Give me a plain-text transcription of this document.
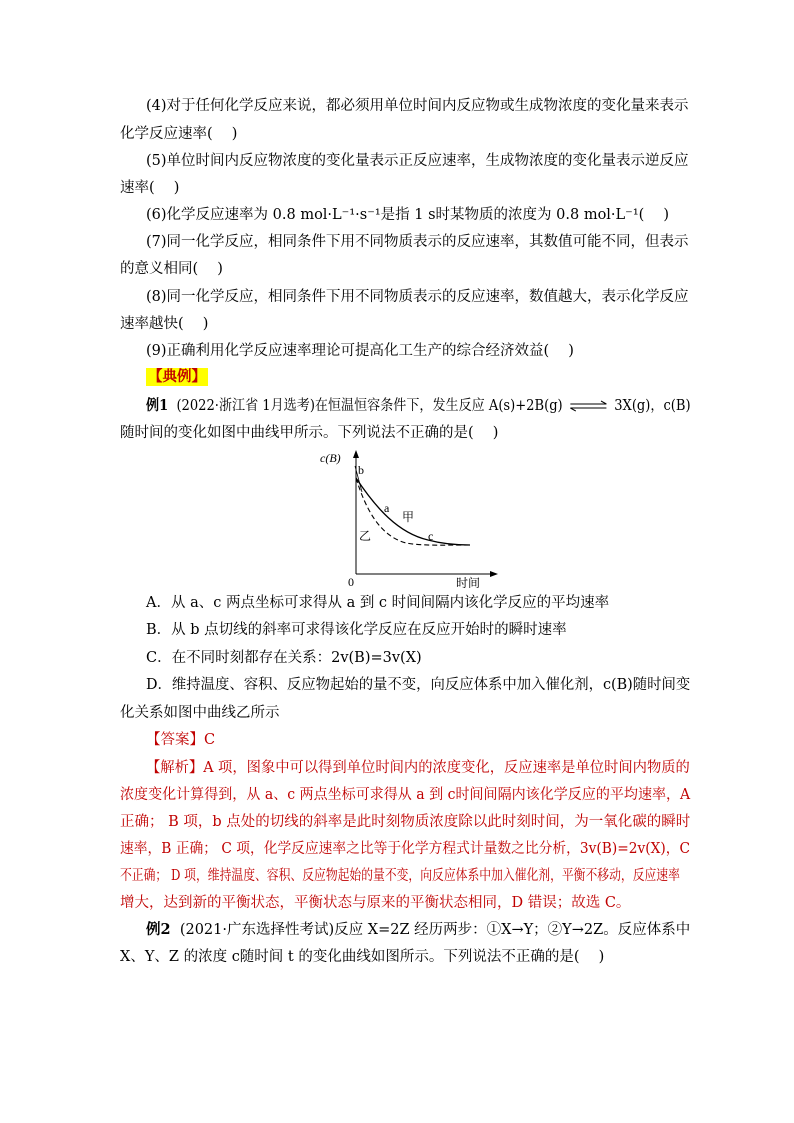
(4)对于任何化学反应来说，都必须用单位时间内反应物或生成物浓度的变化量来表示
化学反应速率(　 )
(5)单位时间内反应物浓度的变化量表示正反应速率，生成物浓度的变化量表示逆反应
速率(　 )
(6)化学反应速率为 0.8 mol·L⁻¹·s⁻¹是指 1 s时某物质的浓度为 0.8 mol·L⁻¹(　 )
(7)同一化学反应，相同条件下用不同物质表示的反应速率，其数值可能不同，但表示
的意义相同(　 )
(8)同一化学反应，相同条件下用不同物质表示的反应速率，数值越大，表示化学反应
速率越快(　 )
(9)正确利用化学反应速率理论可提高化工生产的综合经济效益(　 )
【典例】
例1 (2022·浙江省 1月选考)在恒温恒容条件下，发生反应 A(s)+2B(g) ⇌ 3X(g)，c(B)
随时间的变化如图中曲线甲所示。下列说法不正确的是(　 )
c(B)
b
a
甲
c
乙
0	时间
A．从 a、c 两点坐标可求得从 a 到 c 时间间隔内该化学反应的平均速率
B．从 b 点切线的斜率可求得该化学反应在反应开始时的瞬时速率
C．在不同时刻都存在关系：2v(B)=3v(X)
D．维持温度、容积、反应物起始的量不变，向反应体系中加入催化剂，c(B)随时间变
化关系如图中曲线乙所示
【答案】C
【解析】A 项，图象中可以得到单位时间内的浓度变化，反应速率是单位时间内物质的
浓度变化计算得到，从 a、c 两点坐标可求得从 a 到 c时间间隔内该化学反应的平均速率，A
正确； B 项，b 点处的切线的斜率是此时刻物质浓度除以此时刻时间，为一氧化碳的瞬时
速率，B 正确； C 项，化学反应速率之比等于化学方程式计量数之比分析，3v(B)=2v(X)，C
不正确； D 项，维持温度、容积、反应物起始的量不变，向反应体系中加入催化剂，平衡不移动，反应速率
增大，达到新的平衡状态，平衡状态与原来的平衡状态相同，D 错误；故选 C。
例2 (2021·广东选择性考试)反应 X=2Z 经历两步：①X→Y；②Y→2Z。反应体系中
X、Y、Z 的浓度 c随时间 t 的变化曲线如图所示。下列说法不正确的是(　 )
